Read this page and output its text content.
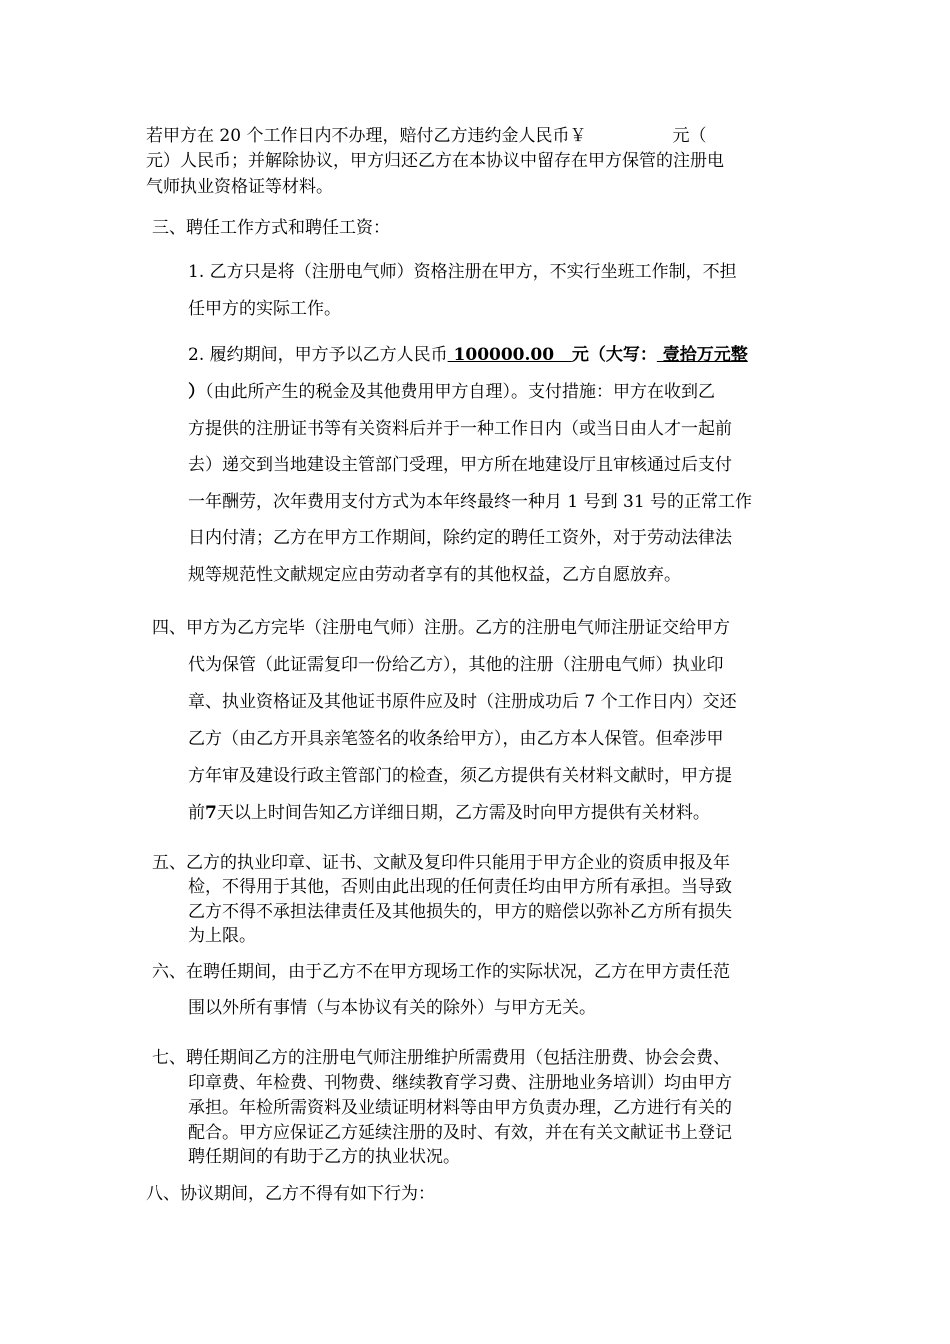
若甲方在 20 个工作日内不办理，赔付乙方违约金人民币￥	元（
元）人民币；并解除协议，甲方归还乙方在本协议中留存在甲方保管的注册电
气师执业资格证等材料。
三、聘任工作方式和聘任工资：
1. 乙方只是将（注册电气师）资格注册在甲方，不实行坐班工作制，不担
任甲方的实际工作。
2. 履约期间，甲方予以乙方人民币 100000.00   元（大写： 壹拾万元整
）（由此所产生的税金及其他费用甲方自理）。支付措施：甲方在收到乙
方提供的注册证书等有关资料后并于一种工作日内（或当日由人才一起前
去）递交到当地建设主管部门受理，甲方所在地建设厅且审核通过后支付
一年酬劳，次年费用支付方式为本年终最终一种月 1 号到 31 号的正常工作
日内付清；乙方在甲方工作期间，除约定的聘任工资外，对于劳动法律法
规等规范性文献规定应由劳动者享有的其他权益，乙方自愿放弃。
四、甲方为乙方完毕（注册电气师）注册。乙方的注册电气师注册证交给甲方
代为保管（此证需复印一份给乙方），其他的注册（注册电气师）执业印
章、执业资格证及其他证书原件应及时（注册成功后 7 个工作日内）交还
乙方（由乙方开具亲笔签名的收条给甲方），由乙方本人保管。但牵涉甲
方年审及建设行政主管部门的检查，须乙方提供有关材料文献时，甲方提
前7天以上时间告知乙方详细日期，乙方需及时向甲方提供有关材料。
五、乙方的执业印章、证书、文献及复印件只能用于甲方企业的资质申报及年
检，不得用于其他，否则由此出现的任何责任均由甲方所有承担。当导致
乙方不得不承担法律责任及其他损失的，甲方的赔偿以弥补乙方所有损失
为上限。
六、在聘任期间，由于乙方不在甲方现场工作的实际状况，乙方在甲方责任范
围以外所有事情（与本协议有关的除外）与甲方无关。
七、聘任期间乙方的注册电气师注册维护所需费用（包括注册费、协会会费、
印章费、年检费、刊物费、继续教育学习费、注册地业务培训）均由甲方
承担。年检所需资料及业绩证明材料等由甲方负责办理，乙方进行有关的
配合。甲方应保证乙方延续注册的及时、有效，并在有关文献证书上登记
聘任期间的有助于乙方的执业状况。
八、协议期间，乙方不得有如下行为：
